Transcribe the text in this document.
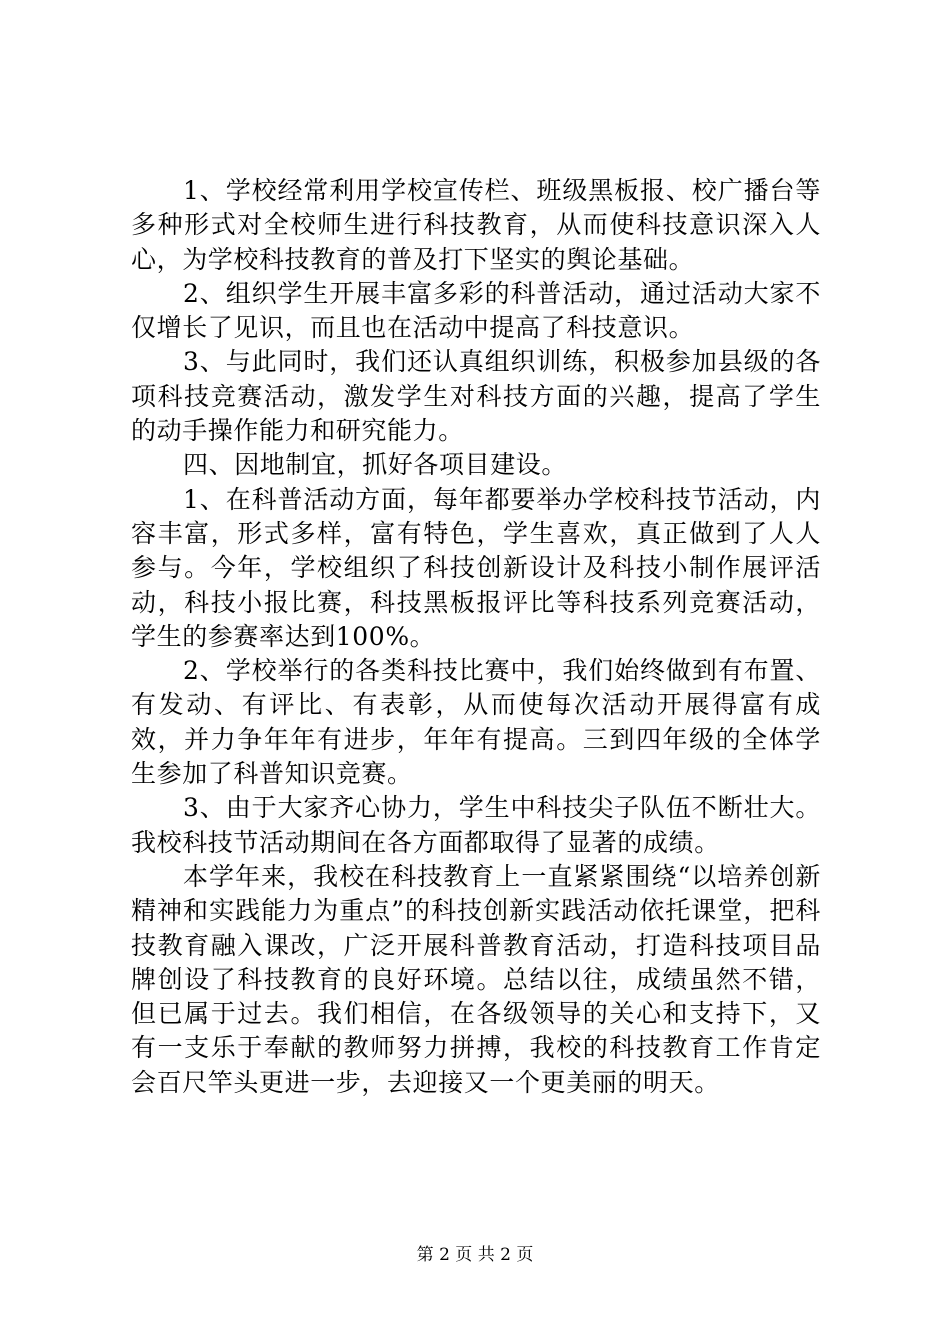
1、学校经常利用学校宣传栏、班级黑板报、校广播台等多种形式对全校师生进行科技教育，从而使科技意识深入人心，为学校科技教育的普及打下坚实的舆论基础。

2、组织学生开展丰富多彩的科普活动，通过活动大家不仅增长了见识，而且也在活动中提高了科技意识。

3、与此同时，我们还认真组织训练，积极参加县级的各项科技竞赛活动，激发学生对科技方面的兴趣，提高了学生的动手操作能力和研究能力。

四、因地制宜，抓好各项目建设。

1、在科普活动方面，每年都要举办学校科技节活动，内容丰富，形式多样，富有特色，学生喜欢，真正做到了人人参与。今年，学校组织了科技创新设计及科技小制作展评活动，科技小报比赛，科技黑板报评比等科技系列竞赛活动，学生的参赛率达到100%。

2、学校举行的各类科技比赛中，我们始终做到有布置、有发动、有评比、有表彰，从而使每次活动开展得富有成效，并力争年年有进步，年年有提高。三到四年级的全体学生参加了科普知识竞赛。

3、由于大家齐心协力，学生中科技尖子队伍不断壮大。我校科技节活动期间在各方面都取得了显著的成绩。

本学年来，我校在科技教育上一直紧紧围绕“以培养创新精神和实践能力为重点”的科技创新实践活动依托课堂，把科技教育融入课改，广泛开展科普教育活动，打造科技项目品牌创设了科技教育的良好环境。总结以往，成绩虽然不错，但已属于过去。我们相信，在各级领导的关心和支持下，又有一支乐于奉献的教师努力拼搏，我校的科技教育工作肯定会百尺竿头更进一步，去迎接又一个更美丽的明天。

第 2 页 共 2 页
